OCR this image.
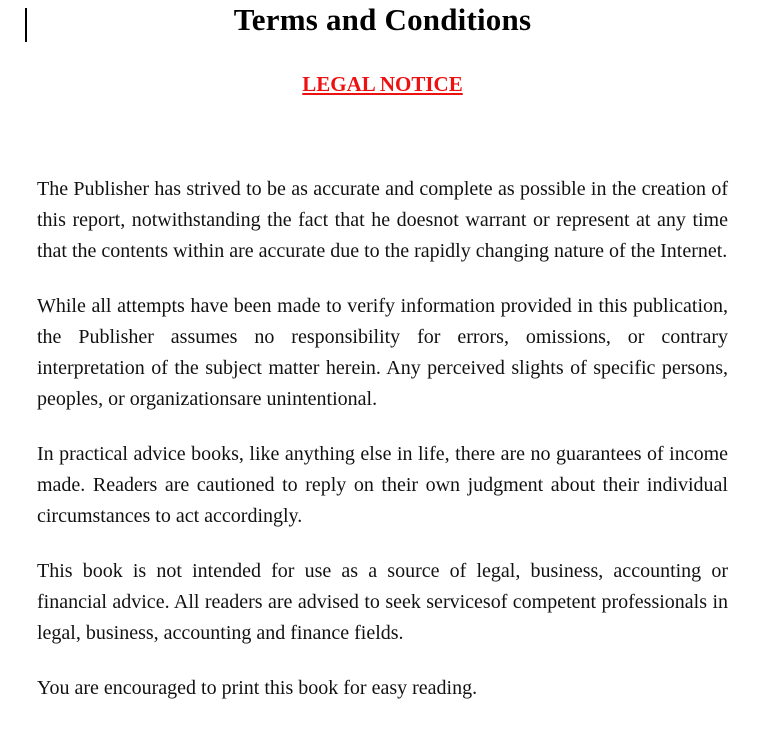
Terms and Conditions
LEGAL NOTICE

The Publisher has strived to be as accurate and complete as possible in the creation of this report, notwithstanding the fact that he doesnot warrant or represent at any time that the contents within are accurate due to the rapidly changing nature of the Internet.

While all attempts have been made to verify information provided in this publication, the Publisher assumes no responsibility for errors, omissions, or contrary interpretation of the subject matter herein. Any perceived slights of specific persons, peoples, or organizationsare unintentional.

In practical advice books, like anything else in life, there are no guarantees of income made. Readers are cautioned to reply on their own judgment about their individual circumstances to act accordingly.

This book is not intended for use as a source of legal, business, accounting or financial advice. All readers are advised to seek servicesof competent professionals in legal, business, accounting and finance fields.

You are encouraged to print this book for easy reading.
